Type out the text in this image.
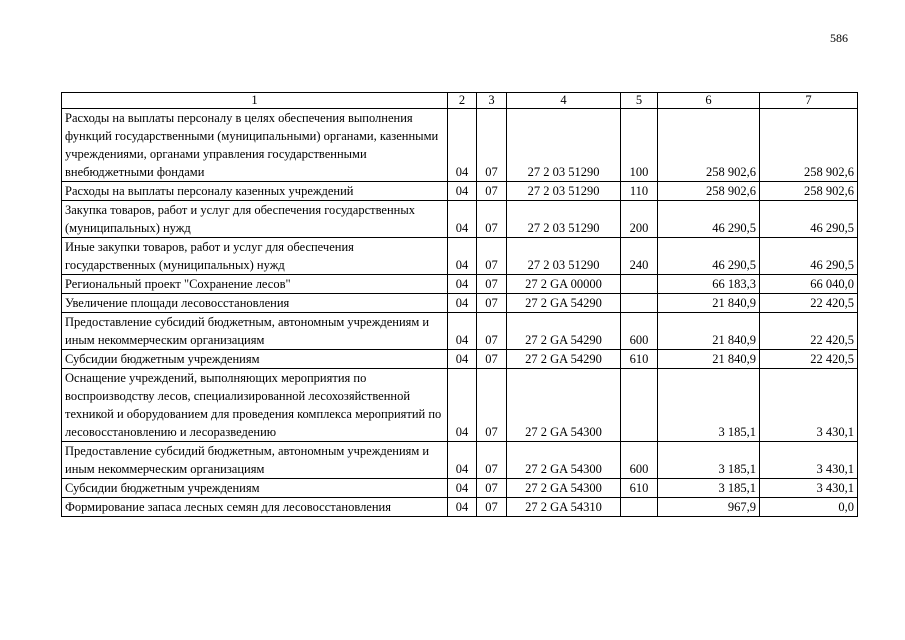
586
1	2	3	4	5	6	7
Расходы на выплаты персоналу в целях обеспечения выполнения функций государственными (муниципальными) органами, казенными учреждениями, органами управления государственными внебюджетными фондами	04	07	27 2 03 51290	100	258 902,6	258 902,6
Расходы на выплаты персоналу казенных учреждений	04	07	27 2 03 51290	110	258 902,6	258 902,6
Закупка товаров, работ и услуг для обеспечения государственных (муниципальных) нужд	04	07	27 2 03 51290	200	46 290,5	46 290,5
Иные закупки товаров, работ и услуг для обеспечения государственных (муниципальных) нужд	04	07	27 2 03 51290	240	46 290,5	46 290,5
Региональный проект "Сохранение лесов"	04	07	27 2 GA 00000		66 183,3	66 040,0
Увеличение площади лесовосстановления	04	07	27 2 GA 54290		21 840,9	22 420,5
Предоставление субсидий бюджетным, автономным учреждениям и иным некоммерческим организациям	04	07	27 2 GA 54290	600	21 840,9	22 420,5
Субсидии бюджетным учреждениям	04	07	27 2 GA 54290	610	21 840,9	22 420,5
Оснащение учреждений, выполняющих мероприятия по воспроизводству лесов, специализированной лесохозяйственной техникой и оборудованием для проведения комплекса мероприятий по лесовосстановлению и лесоразведению	04	07	27 2 GA 54300		3 185,1	3 430,1
Предоставление субсидий бюджетным, автономным учреждениям и иным некоммерческим организациям	04	07	27 2 GA 54300	600	3 185,1	3 430,1
Субсидии бюджетным учреждениям	04	07	27 2 GA 54300	610	3 185,1	3 430,1
Формирование запаса лесных семян для лесовосстановления	04	07	27 2 GA 54310		967,9	0,0
